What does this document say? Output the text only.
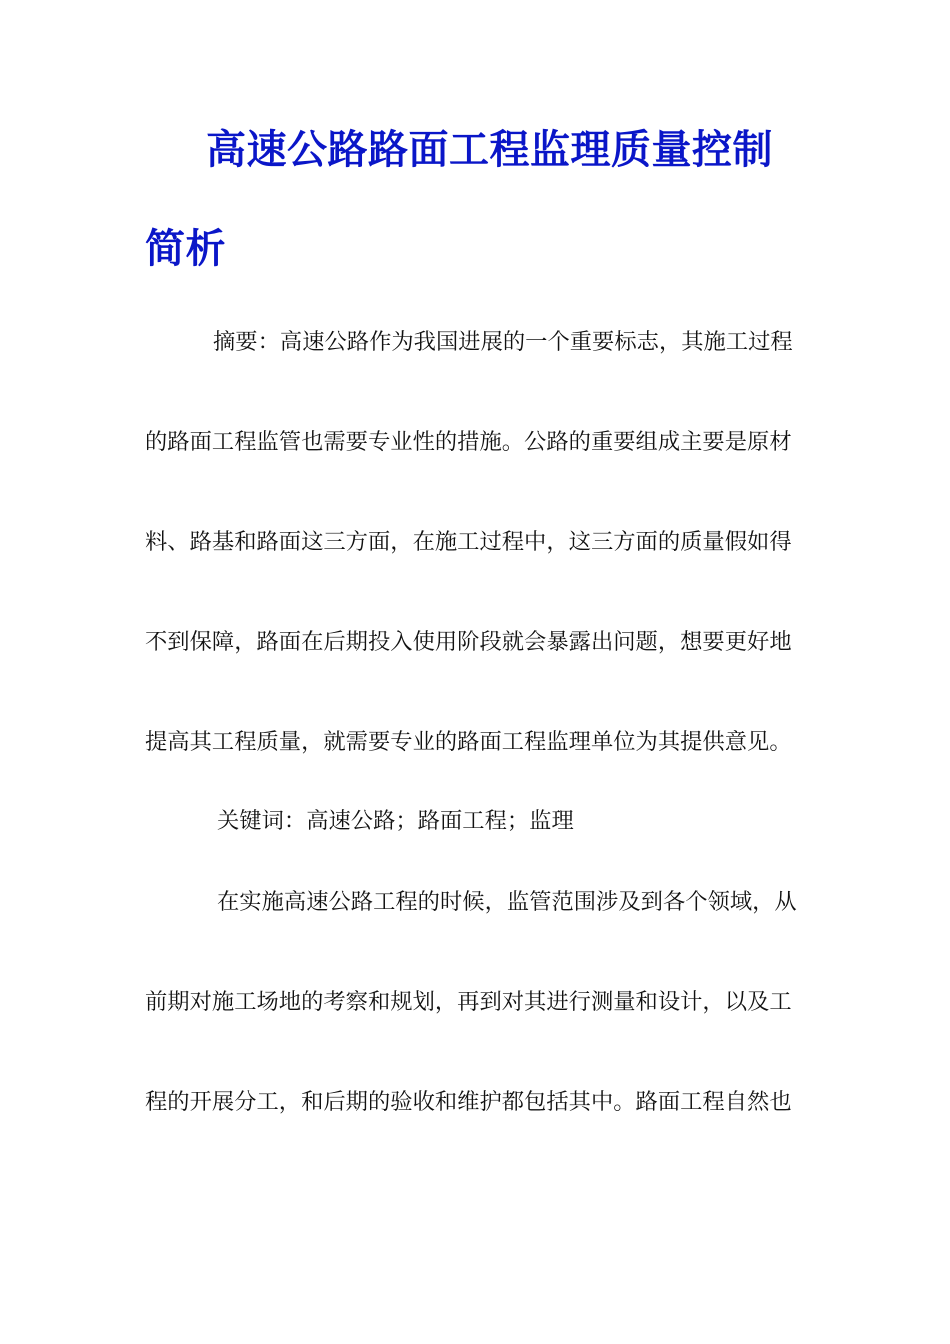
高速公路路面工程监理质量控制
简析
摘要：高速公路作为我国进展的一个重要标志，其施工过程
的路面工程监管也需要专业性的措施。公路的重要组成主要是原材
料、路基和路面这三方面，在施工过程中，这三方面的质量假如得
不到保障，路面在后期投入使用阶段就会暴露出问题，想要更好地
提高其工程质量，就需要专业的路面工程监理单位为其提供意见。
关键词：高速公路；路面工程；监理
在实施高速公路工程的时候，监管范围涉及到各个领域，从
前期对施工场地的考察和规划，再到对其进行测量和设计，以及工
程的开展分工，和后期的验收和维护都包括其中。路面工程自然也
